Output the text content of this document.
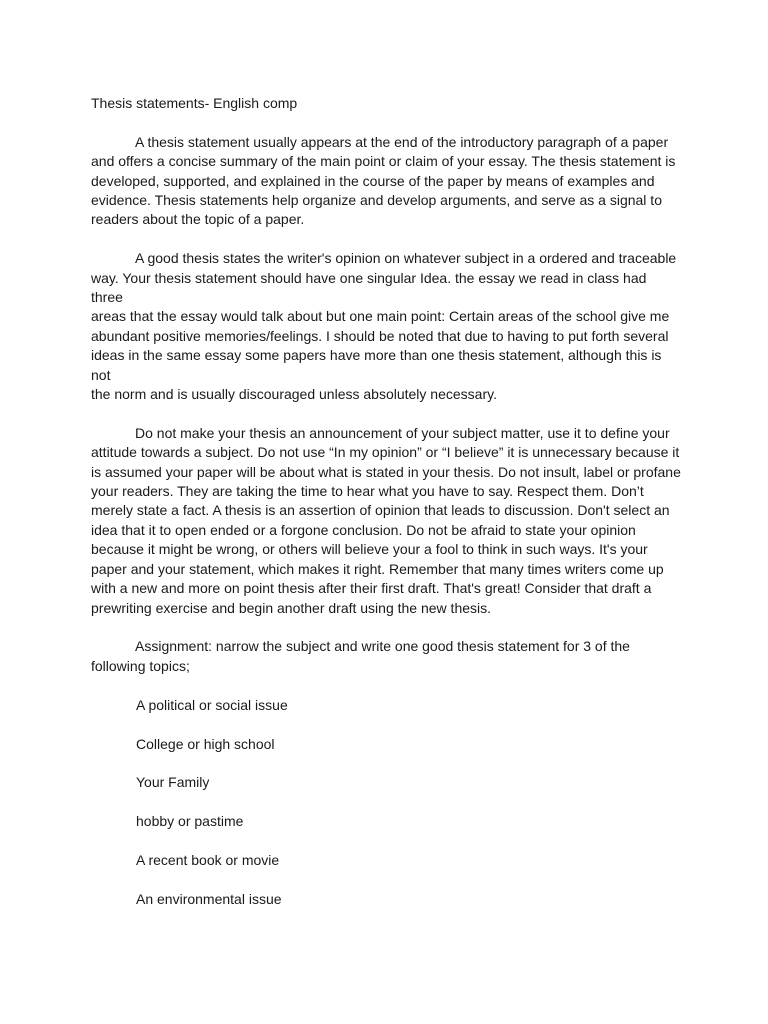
Thesis statements- English comp
A thesis statement usually appears at the end of the introductory paragraph of a paper
and offers a concise summary of the main point or claim of your essay. The thesis statement is
developed, supported, and explained in the course of the paper by means of examples and
evidence. Thesis statements help organize and develop arguments, and serve as a signal to
readers about the topic of a paper.
A good thesis states the writer's opinion on whatever subject in a ordered and traceable
way. Your thesis statement should have one singular Idea. the essay we read in class had three
areas that the essay would talk about but one main point: Certain areas of the school give me
abundant positive memories/feelings. I should be noted that due to having to put forth several
ideas in the same essay some papers have more than one thesis statement, although this is not
the norm and is usually discouraged unless absolutely necessary.
Do not make your thesis an announcement of your subject matter, use it to define your
attitude towards a subject. Do not use “In my opinion” or “I believe” it is unnecessary because it
is assumed your paper will be about what is stated in your thesis. Do not insult, label or profane
your readers. They are taking the time to hear what you have to say. Respect them. Don’t
merely state a fact. A thesis is an assertion of opinion that leads to discussion. Don't select an
idea that it to open ended or a forgone conclusion. Do not be afraid to state your opinion
because it might be wrong, or others will believe your a fool to think in such ways. It's your
paper and your statement, which makes it right. Remember that many times writers come up
with a new and more on point thesis after their first draft. That's great! Consider that draft a
prewriting exercise and begin another draft using the new thesis.
Assignment: narrow the subject and write one good thesis statement for 3 of the
following topics;
A political or social issue
College or high school
Your Family
hobby or pastime
A recent book or movie
An environmental issue
